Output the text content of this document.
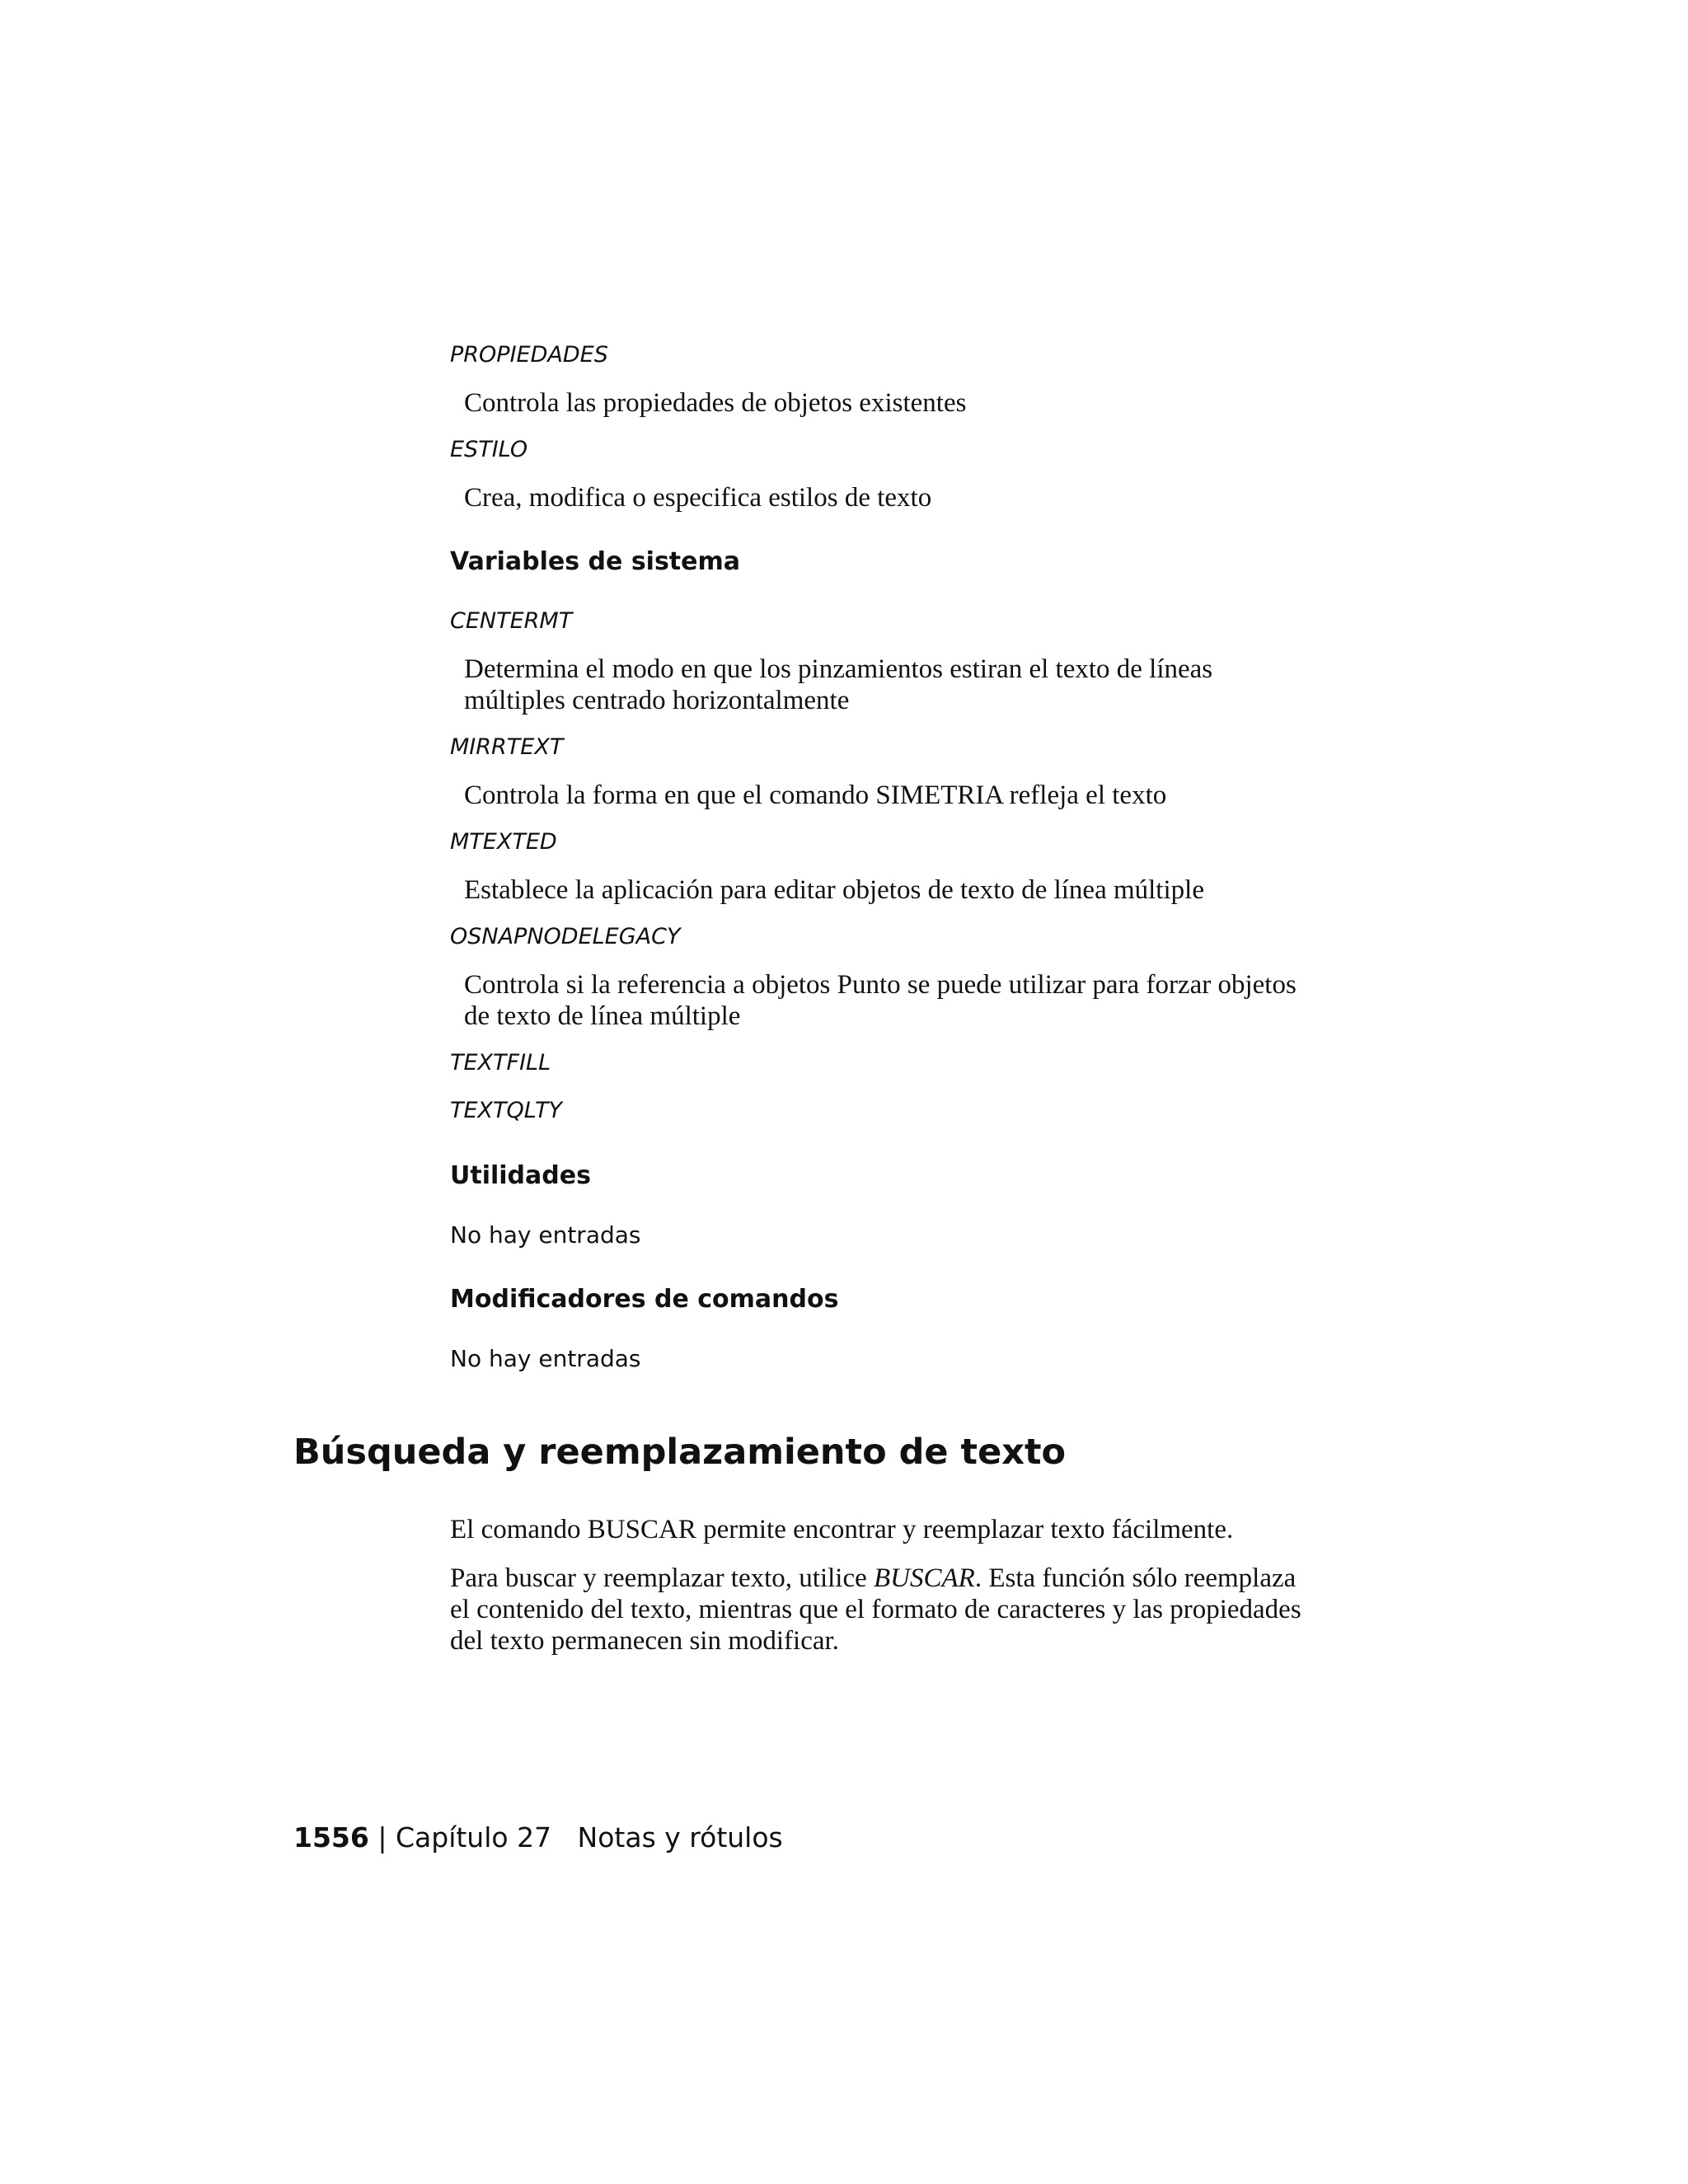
PROPIEDADES
Controla las propiedades de objetos existentes
ESTILO
Crea, modifica o especifica estilos de texto
Variables de sistema
CENTERMT
Determina el modo en que los pinzamientos estiran el texto de líneas
múltiples centrado horizontalmente
MIRRTEXT
Controla la forma en que el comando SIMETRIA refleja el texto
MTEXTED
Establece la aplicación para editar objetos de texto de línea múltiple
OSNAPNODELEGACY
Controla si la referencia a objetos Punto se puede utilizar para forzar objetos
de texto de línea múltiple
TEXTFILL
TEXTQLTY
Utilidades
No hay entradas
Modificadores de comandos
No hay entradas
Búsqueda y reemplazamiento de texto
El comando BUSCAR permite encontrar y reemplazar texto fácilmente.
Para buscar y reemplazar texto, utilice BUSCAR. Esta función sólo reemplaza
el contenido del texto, mientras que el formato de caracteres y las propiedades
del texto permanecen sin modificar.
1556 | Capítulo 27 Notas y rótulos
